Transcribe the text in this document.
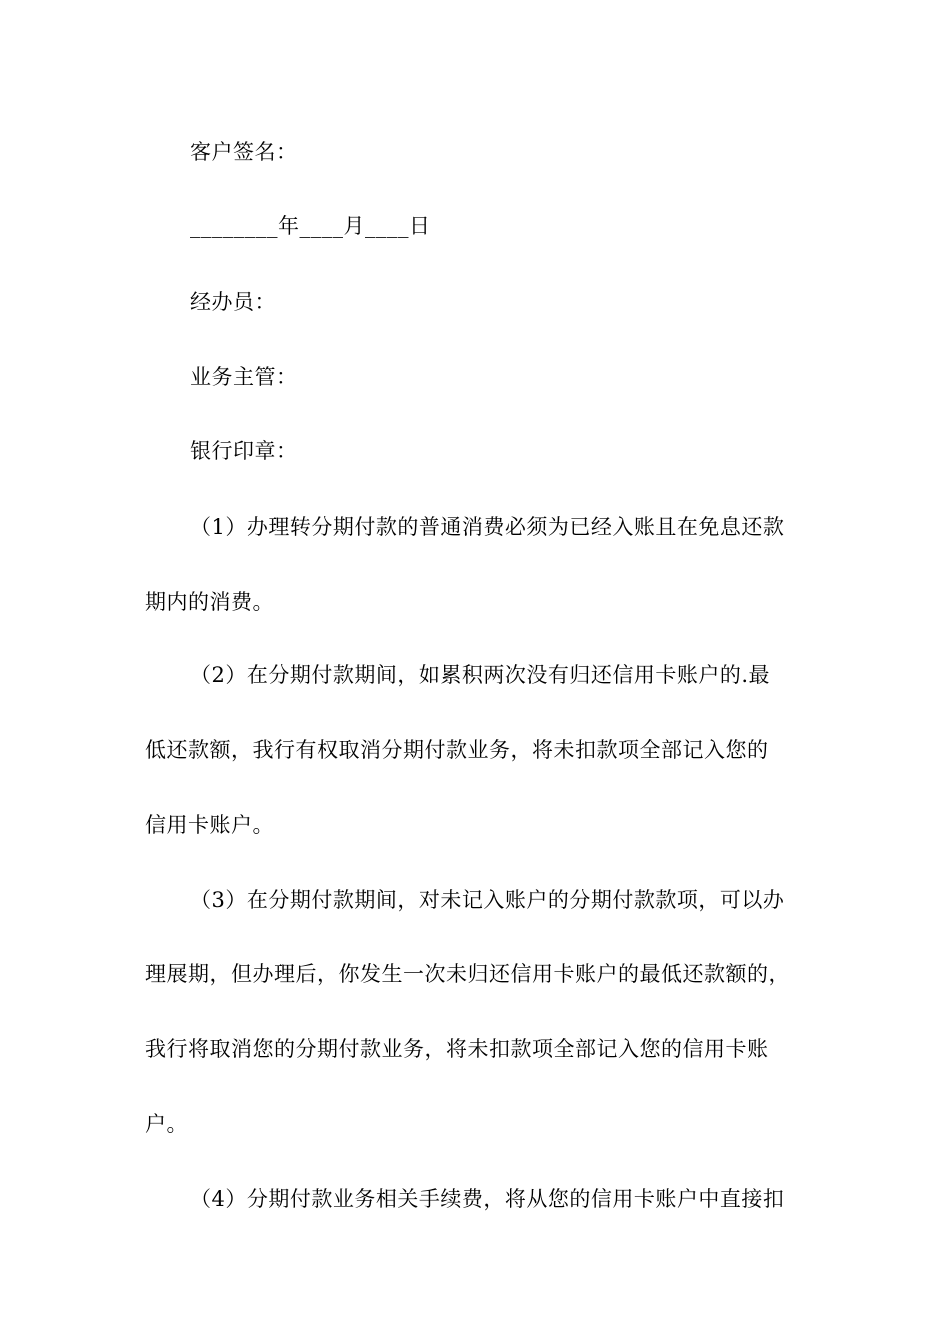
客户签名：
________年____月____日
经办员：
业务主管：
银行印章：
（1）办理转分期付款的普通消费必须为已经入账且在免息还款
期内的消费。
（2）在分期付款期间，如累积两次没有归还信用卡账户的.最
低还款额，我行有权取消分期付款业务，将未扣款项全部记入您的
信用卡账户。
（3）在分期付款期间，对未记入账户的分期付款款项，可以办
理展期，但办理后，你发生一次未归还信用卡账户的最低还款额的，
我行将取消您的分期付款业务，将未扣款项全部记入您的信用卡账
户。
（4）分期付款业务相关手续费，将从您的信用卡账户中直接扣
